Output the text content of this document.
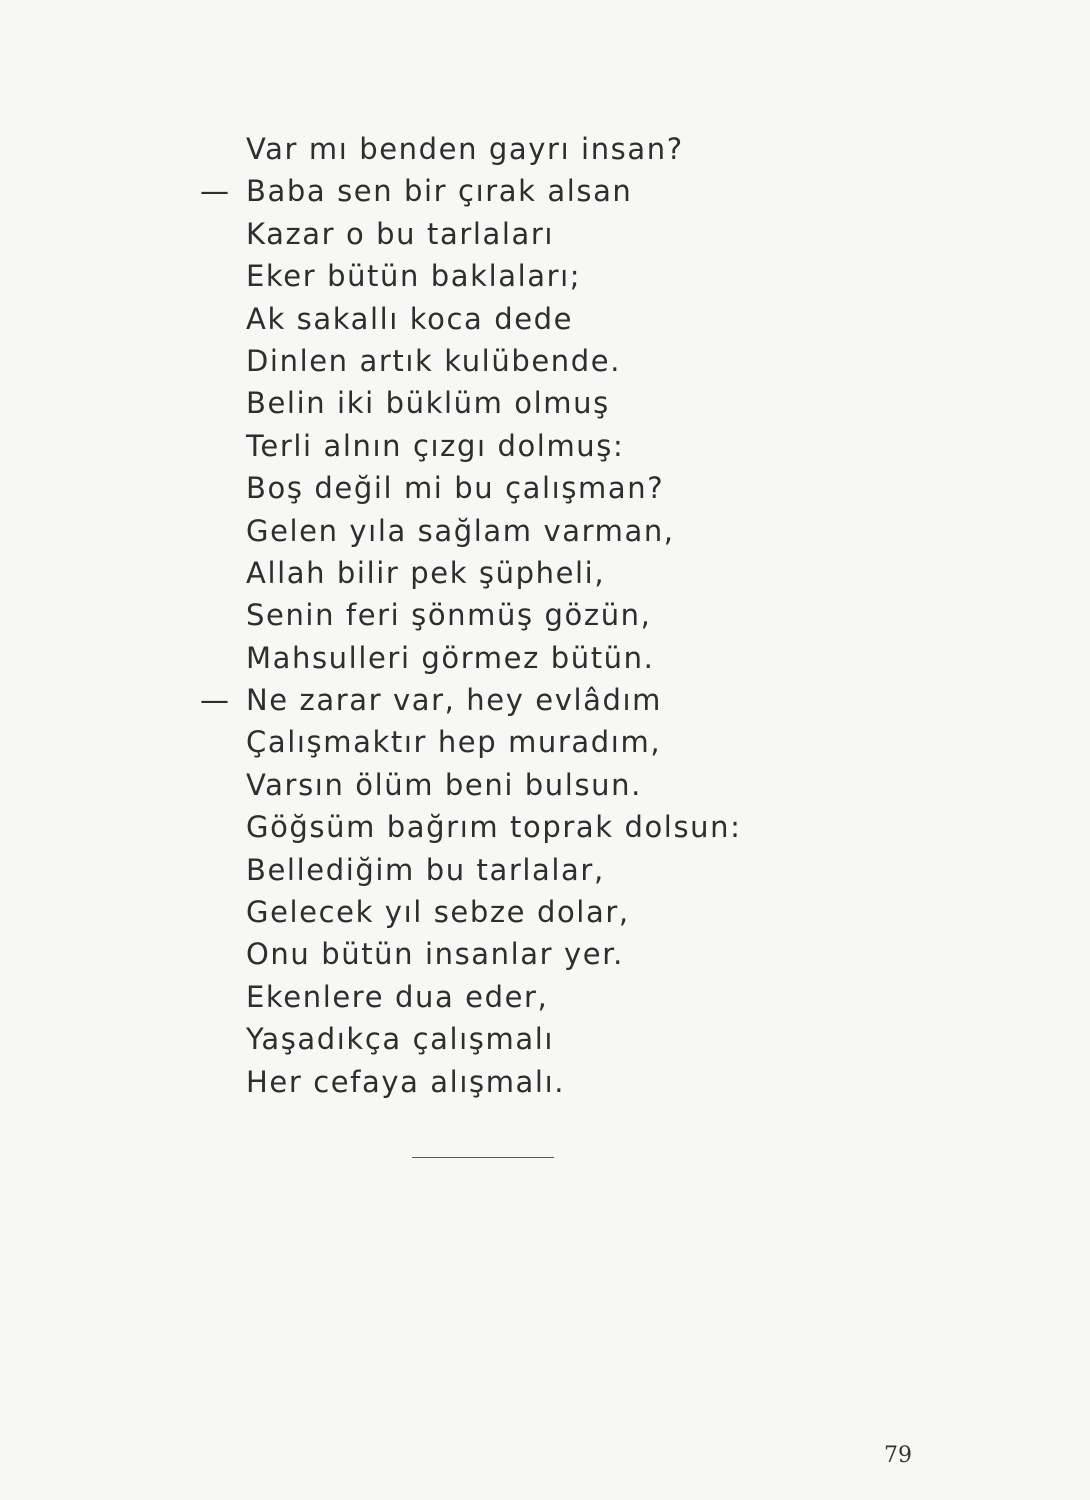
Var mı benden gayrı insan?
— Baba sen bir çırak alsan
Kazar o bu tarlaları
Eker bütün baklaları;
Ak sakallı koca dede
Dinlen artık kulübende.
Belin iki büklüm olmuş
Terli alnın çızgı dolmuş:
Boş değil mi bu çalışman?
Gelen yıla sağlam varman,
Allah bilir pek şüpheli,
Senin feri şönmüş gözün,
Mahsulleri görmez bütün.
— Ne zarar var, hey evlâdım
Çalışmaktır hep muradım,
Varsın ölüm beni bulsun.
Göğsüm bağrım toprak dolsun:
Bellediğim bu tarlalar,
Gelecek yıl sebze dolar,
Onu bütün insanlar yer.
Ekenlere dua eder,
Yaşadıkça çalışmalı
Her cefaya alışmalı.
79
